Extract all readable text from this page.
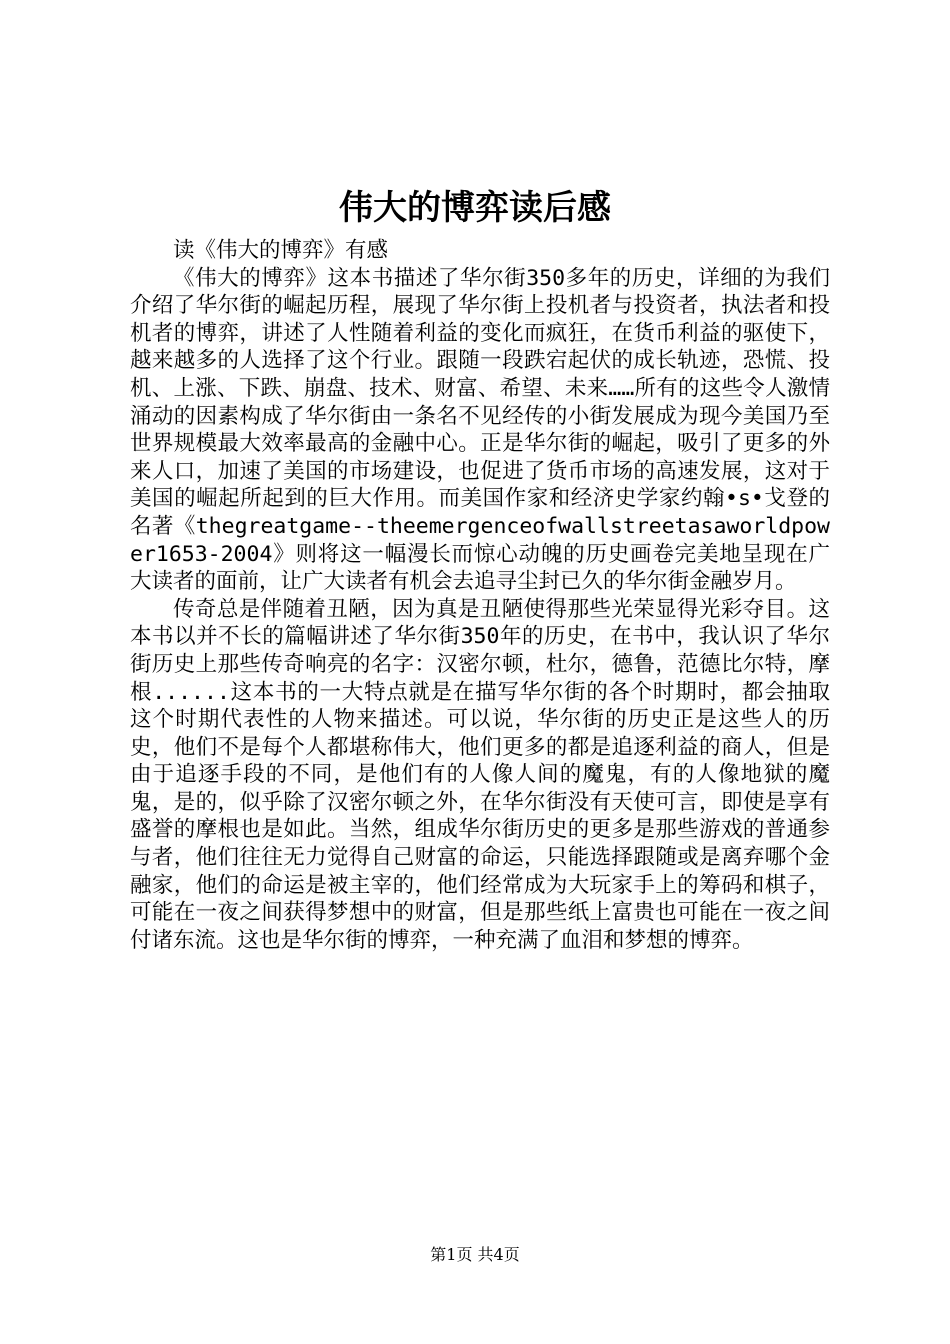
伟大的博弈读后感

读《伟大的博弈》有感

《伟大的博弈》这本书描述了华尔街350多年的历史，详细的为我们介绍了华尔街的崛起历程，展现了华尔街上投机者与投资者，执法者和投机者的博弈，讲述了人性随着利益的变化而疯狂，在货币利益的驱使下，越来越多的人选择了这个行业。跟随一段跌宕起伏的成长轨迹，恐慌、投机、上涨、下跌、崩盘、技术、财富、希望、未来……所有的这些令人激情涌动的因素构成了华尔街由一条名不见经传的小街发展成为现今美国乃至世界规模最大效率最高的金融中心。正是华尔街的崛起，吸引了更多的外来人口，加速了美国的市场建设，也促进了货币市场的高速发展，这对于美国的崛起所起到的巨大作用。而美国作家和经济史学家约翰•s•戈登的名著《thegreatgame--theemergenceofwallstreetasaworldpower1653-2004》则将这一幅漫长而惊心动魄的历史画卷完美地呈现在广大读者的面前，让广大读者有机会去追寻尘封已久的华尔街金融岁月。

传奇总是伴随着丑陋，因为真是丑陋使得那些光荣显得光彩夺目。这本书以并不长的篇幅讲述了华尔街350年的历史，在书中，我认识了华尔街历史上那些传奇响亮的名字：汉密尔顿，杜尔，德鲁，范德比尔特，摩根......这本书的一大特点就是在描写华尔街的各个时期时，都会抽取这个时期代表性的人物来描述。可以说，华尔街的历史正是这些人的历史，他们不是每个人都堪称伟大，他们更多的都是追逐利益的商人，但是由于追逐手段的不同，是他们有的人像人间的魔鬼，有的人像地狱的魔鬼，是的，似乎除了汉密尔顿之外，在华尔街没有天使可言，即使是享有盛誉的摩根也是如此。当然，组成华尔街历史的更多是那些游戏的普通参与者，他们往往无力觉得自己财富的命运，只能选择跟随或是离弃哪个金融家，他们的命运是被主宰的，他们经常成为大玩家手上的筹码和棋子，可能在一夜之间获得梦想中的财富，但是那些纸上富贵也可能在一夜之间付诸东流。这也是华尔街的博弈，一种充满了血泪和梦想的博弈。

第1页 共4页
